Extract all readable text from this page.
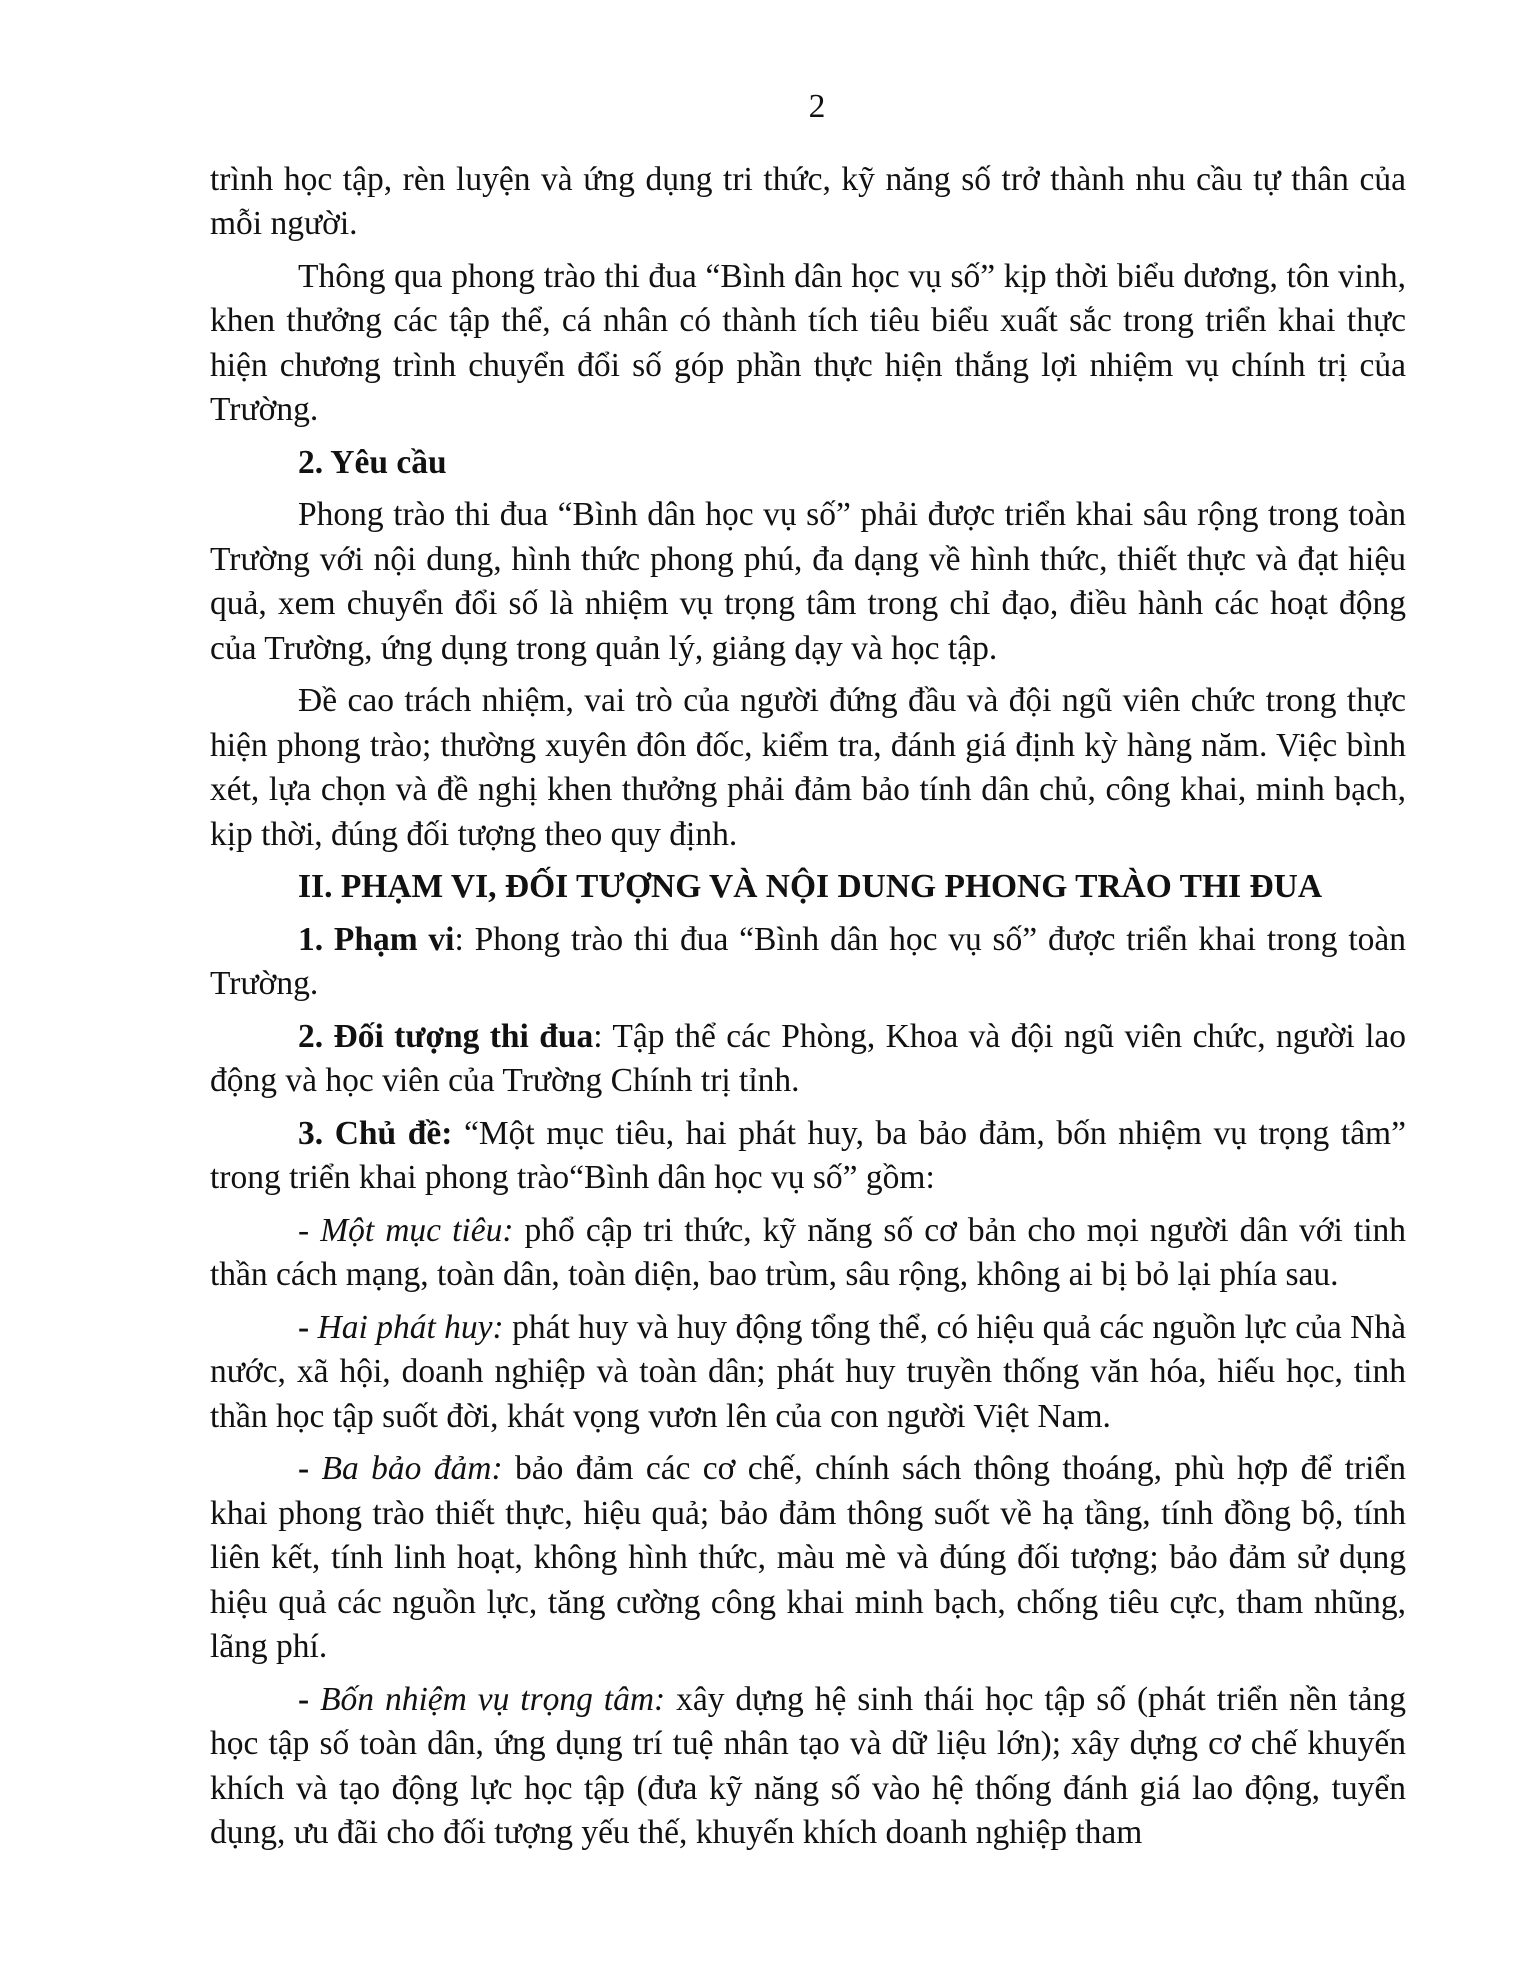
2

trình học tập, rèn luyện và ứng dụng tri thức, kỹ năng số trở thành nhu cầu tự thân của mỗi người.

Thông qua phong trào thi đua “Bình dân học vụ số” kịp thời biểu dương, tôn vinh, khen thưởng các tập thể, cá nhân có thành tích tiêu biểu xuất sắc trong triển khai thực hiện chương trình chuyển đổi số góp phần thực hiện thắng lợi nhiệm vụ chính trị của Trường.

2. Yêu cầu

Phong trào thi đua “Bình dân học vụ số” phải được triển khai sâu rộng trong toàn Trường với nội dung, hình thức phong phú, đa dạng về hình thức, thiết thực và đạt hiệu quả, xem chuyển đổi số là nhiệm vụ trọng tâm trong chỉ đạo, điều hành các hoạt động của Trường, ứng dụng trong quản lý, giảng dạy và học tập.

Đề cao trách nhiệm, vai trò của người đứng đầu và đội ngũ viên chức trong thực hiện phong trào; thường xuyên đôn đốc, kiểm tra, đánh giá định kỳ hàng năm. Việc bình xét, lựa chọn và đề nghị khen thưởng phải đảm bảo tính dân chủ, công khai, minh bạch, kịp thời, đúng đối tượng theo quy định.

II. PHẠM VI, ĐỐI TƯỢNG VÀ NỘI DUNG PHONG TRÀO THI ĐUA

1. Phạm vi: Phong trào thi đua “Bình dân học vụ số” được triển khai trong toàn Trường.

2. Đối tượng thi đua: Tập thể các Phòng, Khoa và đội ngũ viên chức, người lao động và học viên của Trường Chính trị tỉnh.

3. Chủ đề: “Một mục tiêu, hai phát huy, ba bảo đảm, bốn nhiệm vụ trọng tâm” trong triển khai phong trào“Bình dân học vụ số” gồm:

- Một mục tiêu: phổ cập tri thức, kỹ năng số cơ bản cho mọi người dân với tinh thần cách mạng, toàn dân, toàn diện, bao trùm, sâu rộng, không ai bị bỏ lại phía sau.

- Hai phát huy: phát huy và huy động tổng thể, có hiệu quả các nguồn lực của Nhà nước, xã hội, doanh nghiệp và toàn dân; phát huy truyền thống văn hóa, hiếu học, tinh thần học tập suốt đời, khát vọng vươn lên của con người Việt Nam.

- Ba bảo đảm: bảo đảm các cơ chế, chính sách thông thoáng, phù hợp để triển khai phong trào thiết thực, hiệu quả; bảo đảm thông suốt về hạ tầng, tính đồng bộ, tính liên kết, tính linh hoạt, không hình thức, màu mè và đúng đối tượng; bảo đảm sử dụng hiệu quả các nguồn lực, tăng cường công khai minh bạch, chống tiêu cực, tham nhũng, lãng phí.

- Bốn nhiệm vụ trọng tâm: xây dựng hệ sinh thái học tập số (phát triển nền tảng học tập số toàn dân, ứng dụng trí tuệ nhân tạo và dữ liệu lớn); xây dựng cơ chế khuyến khích và tạo động lực học tập (đưa kỹ năng số vào hệ thống đánh giá lao động, tuyển dụng, ưu đãi cho đối tượng yếu thế, khuyến khích doanh nghiệp tham
